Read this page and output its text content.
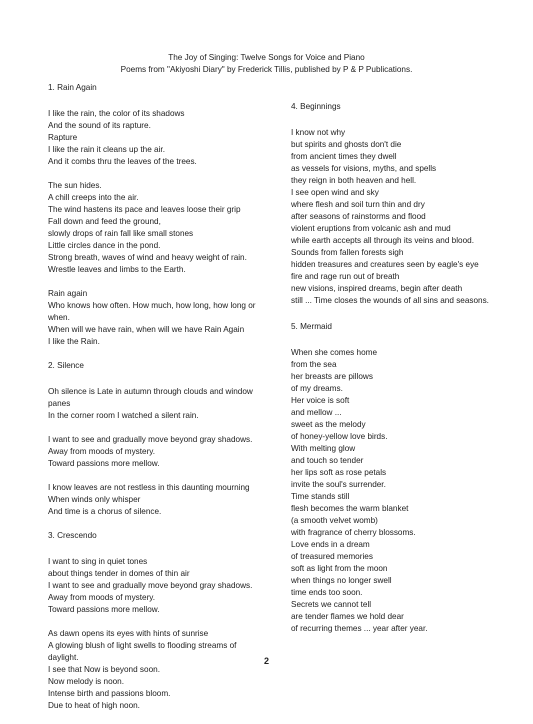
The Joy of Singing: Twelve Songs for Voice and Piano
Poems from "Akiyoshi Diary" by Frederick Tillis, published by P & P Publications.
1. Rain Again
I like the rain, the color of its shadows
And the sound of its rapture.
Rapture
I like the rain it cleans up the air.
And it combs thru the leaves of the trees.
The sun hides.
A chill creeps into the air.
The wind hastens its pace and leaves loose their grip
Fall down and feed the ground,
slowly drops of rain fall like small stones
Little circles dance in the pond.
Strong breath, waves of wind and heavy weight of rain.
Wrestle leaves and limbs to the Earth.
Rain again
Who knows how often. How much, how long, how long or
when.
When will we have rain, when will we have Rain Again
I like the Rain.
2. Silence
Oh silence is Late in autumn through clouds and window
panes
In the corner room I watched a silent rain.
I want to see and gradually move beyond gray shadows.
Away from moods of mystery.
Toward passions more mellow.
I know leaves are not restless in this daunting mourning
When winds only whisper
And time is a chorus of silence.
3. Crescendo
I want to sing in quiet tones
about things tender in domes of thin air
I want to see and gradually move beyond gray shadows.
Away from moods of mystery.
Toward passions more mellow.
As dawn opens its eyes with hints of sunrise
A glowing blush of light swells to flooding streams of
daylight.
I see that Now is beyond soon.
Now melody is noon.
Intense birth and passions bloom.
Due to heat of high noon.
4. Beginnings
I know not why
but spirits and ghosts don't die
from ancient times they dwell
as vessels for visions, myths, and spells
they reign in both heaven and hell.
I see open wind and sky
where flesh and soil turn thin and dry
after seasons of rainstorms and flood
violent eruptions from volcanic ash and mud
while earth accepts all through its veins and blood.
Sounds from fallen forests sigh
hidden treasures and creatures seen by eagle's eye
fire and rage run out of breath
new visions, inspired dreams, begin after death
still ... Time closes the wounds of all sins and seasons.
5. Mermaid
When she comes home
from the sea
her breasts are pillows
of my dreams.
Her voice is soft
and mellow ...
sweet as the melody
of honey-yellow love birds.
With melting glow
and touch so tender
her lips soft as rose petals
invite the soul's surrender.
Time stands still
flesh becomes the warm blanket
(a smooth velvet womb)
with fragrance of cherry blossoms.
Love ends in a dream
of treasured memories
soft as light from the moon
when things no longer swell
time ends too soon.
Secrets we cannot tell
are tender flames we hold dear
of recurring themes ... year after year.
2
